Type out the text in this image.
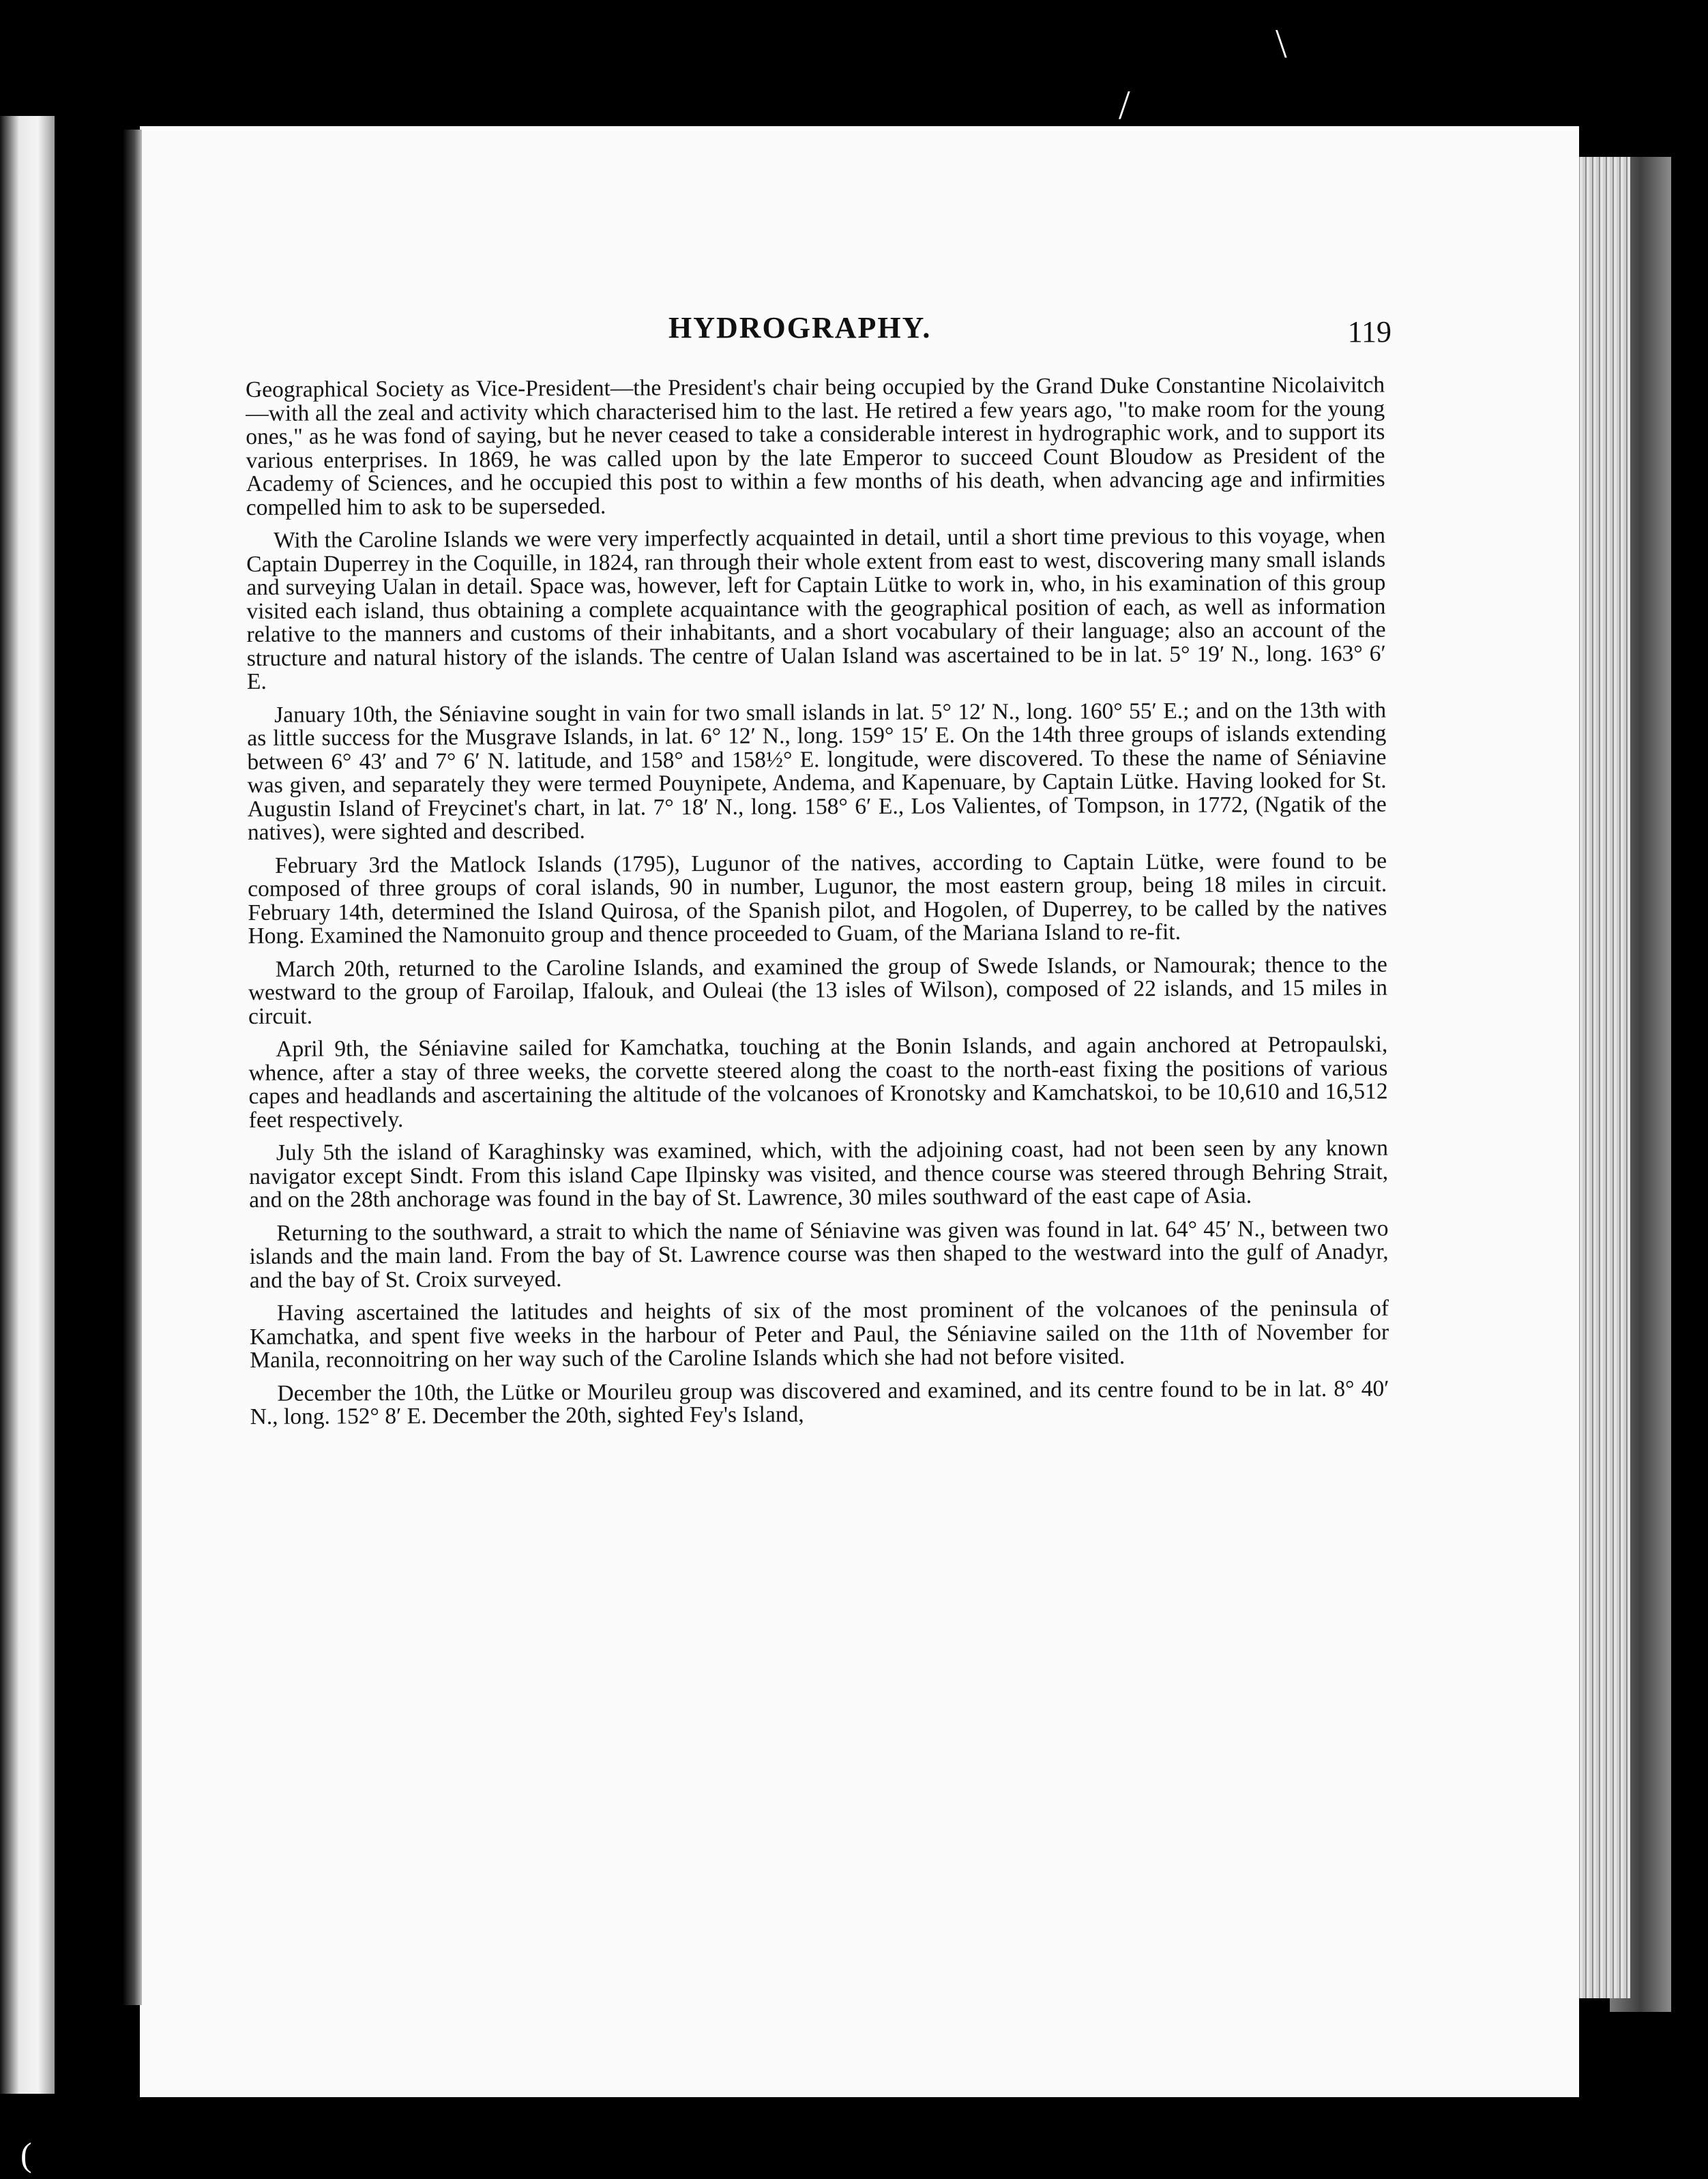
/
\
(
HYDROGRAPHY.	119

Geographical Society as Vice-President—the President's chair being occupied by the Grand Duke Constantine Nicolaivitch—with all the zeal and activity which characterised him to the last. He retired a few years ago, "to make room for the young ones," as he was fond of saying, but he never ceased to take a considerable interest in hydrographic work, and to support its various enterprises. In 1869, he was called upon by the late Emperor to succeed Count Bloudow as President of the Academy of Sciences, and he occupied this post to within a few months of his death, when advancing age and infirmities compelled him to ask to be superseded.

With the Caroline Islands we were very imperfectly acquainted in detail, until a short time previous to this voyage, when Captain Duperrey in the Coquille, in 1824, ran through their whole extent from east to west, discovering many small islands and surveying Ualan in detail. Space was, however, left for Captain Lütke to work in, who, in his examination of this group visited each island, thus obtaining a complete acquaintance with the geographical position of each, as well as information relative to the manners and customs of their inhabitants, and a short vocabulary of their language; also an account of the structure and natural history of the islands. The centre of Ualan Island was ascertained to be in lat. 5° 19′ N., long. 163° 6′ E.

January 10th, the Séniavine sought in vain for two small islands in lat. 5° 12′ N., long. 160° 55′ E.; and on the 13th with as little success for the Musgrave Islands, in lat. 6° 12′ N., long. 159° 15′ E. On the 14th three groups of islands extending between 6° 43′ and 7° 6′ N. latitude, and 158° and 158½° E. longitude, were discovered. To these the name of Séniavine was given, and separately they were termed Pouynipete, Andema, and Kapenuare, by Captain Lütke. Having looked for St. Augustin Island of Freycinet's chart, in lat. 7° 18′ N., long. 158° 6′ E., Los Valientes, of Tompson, in 1772, (Ngatik of the natives), were sighted and described.

February 3rd the Matlock Islands (1795), Lugunor of the natives, according to Captain Lütke, were found to be composed of three groups of coral islands, 90 in number, Lugunor, the most eastern group, being 18 miles in circuit. February 14th, determined the Island Quirosa, of the Spanish pilot, and Hogolen, of Duperrey, to be called by the natives Hong. Examined the Namonuito group and thence proceeded to Guam, of the Mariana Island to re-fit.

March 20th, returned to the Caroline Islands, and examined the group of Swede Islands, or Namourak; thence to the westward to the group of Faroilap, Ifalouk, and Ouleai (the 13 isles of Wilson), composed of 22 islands, and 15 miles in circuit.

April 9th, the Séniavine sailed for Kamchatka, touching at the Bonin Islands, and again anchored at Petropaulski, whence, after a stay of three weeks, the corvette steered along the coast to the north-east fixing the positions of various capes and headlands and ascertaining the altitude of the volcanoes of Kronotsky and Kamchatskoi, to be 10,610 and 16,512 feet respectively.

July 5th the island of Karaghinsky was examined, which, with the adjoining coast, had not been seen by any known navigator except Sindt. From this island Cape Ilpinsky was visited, and thence course was steered through Behring Strait, and on the 28th anchorage was found in the bay of St. Lawrence, 30 miles southward of the east cape of Asia.

Returning to the southward, a strait to which the name of Séniavine was given was found in lat. 64° 45′ N., between two islands and the main land. From the bay of St. Lawrence course was then shaped to the westward into the gulf of Anadyr, and the bay of St. Croix surveyed.

Having ascertained the latitudes and heights of six of the most prominent of the volcanoes of the peninsula of Kamchatka, and spent five weeks in the harbour of Peter and Paul, the Séniavine sailed on the 11th of November for Manila, reconnoitring on her way such of the Caroline Islands which she had not before visited.

December the 10th, the Lütke or Mourileu group was discovered and examined, and its centre found to be in lat. 8° 40′ N., long. 152° 8′ E. December the 20th, sighted Fey's Island,
